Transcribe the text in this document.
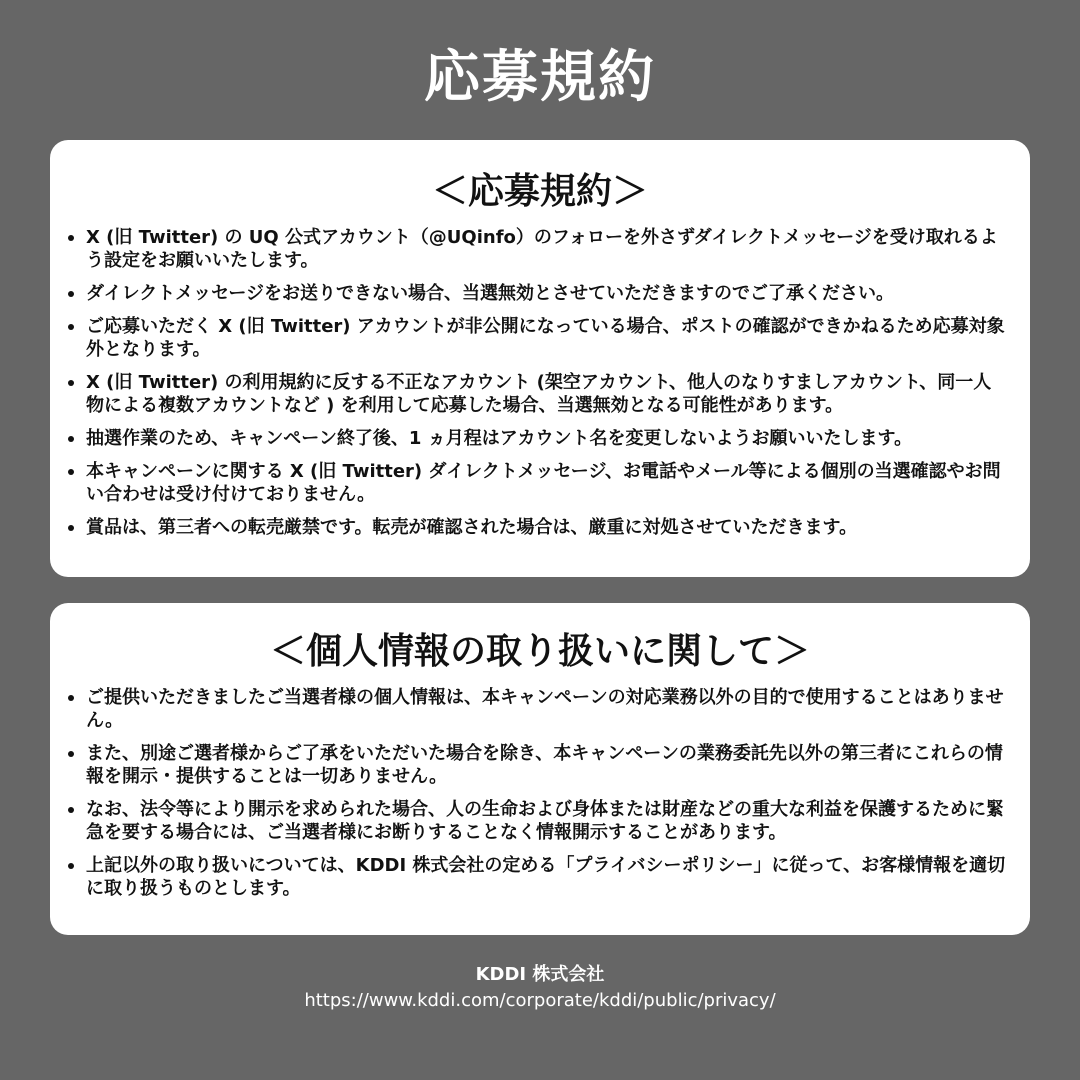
応募規約
＜応募規約＞
X (旧 Twitter) の UQ 公式アカウント（@UQinfo）のフォローを外さずダイレクトメッセージを受け取れるよう設定をお願いいたします。
ダイレクトメッセージをお送りできない場合、当選無効とさせていただきますのでご了承ください。
ご応募いただく X (旧 Twitter) アカウントが非公開になっている場合、ポストの確認ができかねるため応募対象外となります。
X (旧 Twitter) の利用規約に反する不正なアカウント (架空アカウント、他人のなりすましアカウント、同一人物による複数アカウントなど ) を利用して応募した場合、当選無効となる可能性があります。
抽選作業のため、キャンペーン終了後、1 ヵ月程はアカウント名を変更しないようお願いいたします。
本キャンペーンに関する X (旧 Twitter) ダイレクトメッセージ、お電話やメール等による個別の当選確認やお問い合わせは受け付けておりません。
賞品は、第三者への転売厳禁です。転売が確認された場合は、厳重に対処させていただきます。
＜個人情報の取り扱いに関して＞
ご提供いただきましたご当選者様の個人情報は、本キャンペーンの対応業務以外の目的で使用することはありません。
また、別途ご選者様からご了承をいただいた場合を除き、本キャンペーンの業務委託先以外の第三者にこれらの情報を開示・提供することは一切ありません。
なお、法令等により開示を求められた場合、人の生命および身体または財産などの重大な利益を保護するために緊急を要する場合には、ご当選者様にお断りすることなく情報開示することがあります。
上記以外の取り扱いについては、KDDI 株式会社の定める「プライバシーポリシー」に従って、お客様情報を適切に取り扱うものとします。
KDDI 株式会社
https://www.kddi.com/corporate/kddi/public/privacy/
